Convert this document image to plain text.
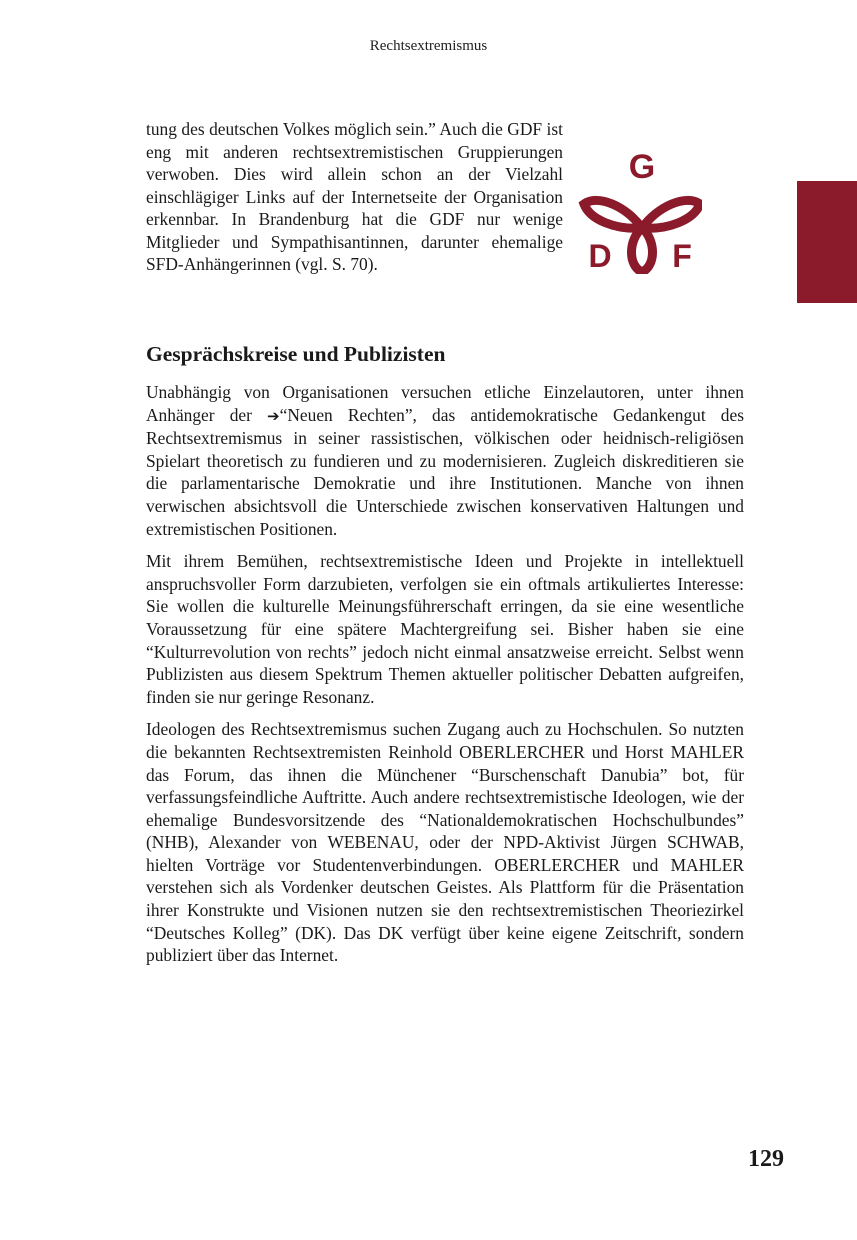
Rechtsextremismus

tung des deutschen Volkes möglich sein.” Auch die GDF ist eng mit anderen rechtsextremistischen Gruppierungen verwoben. Dies wird allein schon an der Vielzahl einschlägiger Links auf der Internetseite der Organisation erkennbar. In Brandenburg hat die GDF nur wenige Mitglieder und Sympathisantinnen, darunter ehemalige SFD-Anhängerinnen (vgl. S. 70).

G
D F
Gesprächskreise und Publizisten

Unabhängig von Organisationen versuchen etliche Einzelautoren, unter ihnen Anhänger der ➔“Neuen Rechten”, das antidemokratische Gedankengut des Rechtsextremismus in seiner rassistischen, völkischen oder heidnisch-religiösen Spielart theoretisch zu fundieren und zu modernisieren. Zugleich diskreditieren sie die parlamentarische Demokratie und ihre Institutionen. Manche von ihnen verwischen absichtsvoll die Unterschiede zwischen konservativen Haltungen und extremistischen Positionen.

Mit ihrem Bemühen, rechtsextremistische Ideen und Projekte in intellektuell anspruchsvoller Form darzubieten, verfolgen sie ein oftmals artikuliertes Interesse: Sie wollen die kulturelle Meinungsführerschaft erringen, da sie eine wesentliche Voraussetzung für eine spätere Machtergreifung sei. Bisher haben sie eine “Kulturrevolution von rechts” jedoch nicht einmal ansatzweise erreicht. Selbst wenn Publizisten aus diesem Spektrum Themen aktueller politischer Debatten aufgreifen, finden sie nur geringe Resonanz.

Ideologen des Rechtsextremismus suchen Zugang auch zu Hochschulen. So nutzten die bekannten Rechtsextremisten Reinhold OBERLERCHER und Horst MAHLER das Forum, das ihnen die Münchener “Burschenschaft Danubia” bot, für verfassungsfeindliche Auftritte. Auch andere rechtsextremistische Ideologen, wie der ehemalige Bundesvorsitzende des “Nationaldemokratischen Hochschulbundes” (NHB), Alexander von WEBENAU, oder der NPD-Aktivist Jürgen SCHWAB, hielten Vorträge vor Studentenverbindungen. OBERLERCHER und MAHLER verstehen sich als Vordenker deutschen Geistes. Als Plattform für die Präsentation ihrer Konstrukte und Visionen nutzen sie den rechtsextremistischen Theoriezirkel “Deutsches Kolleg” (DK). Das DK verfügt über keine eigene Zeitschrift, sondern publiziert über das Internet.

129
